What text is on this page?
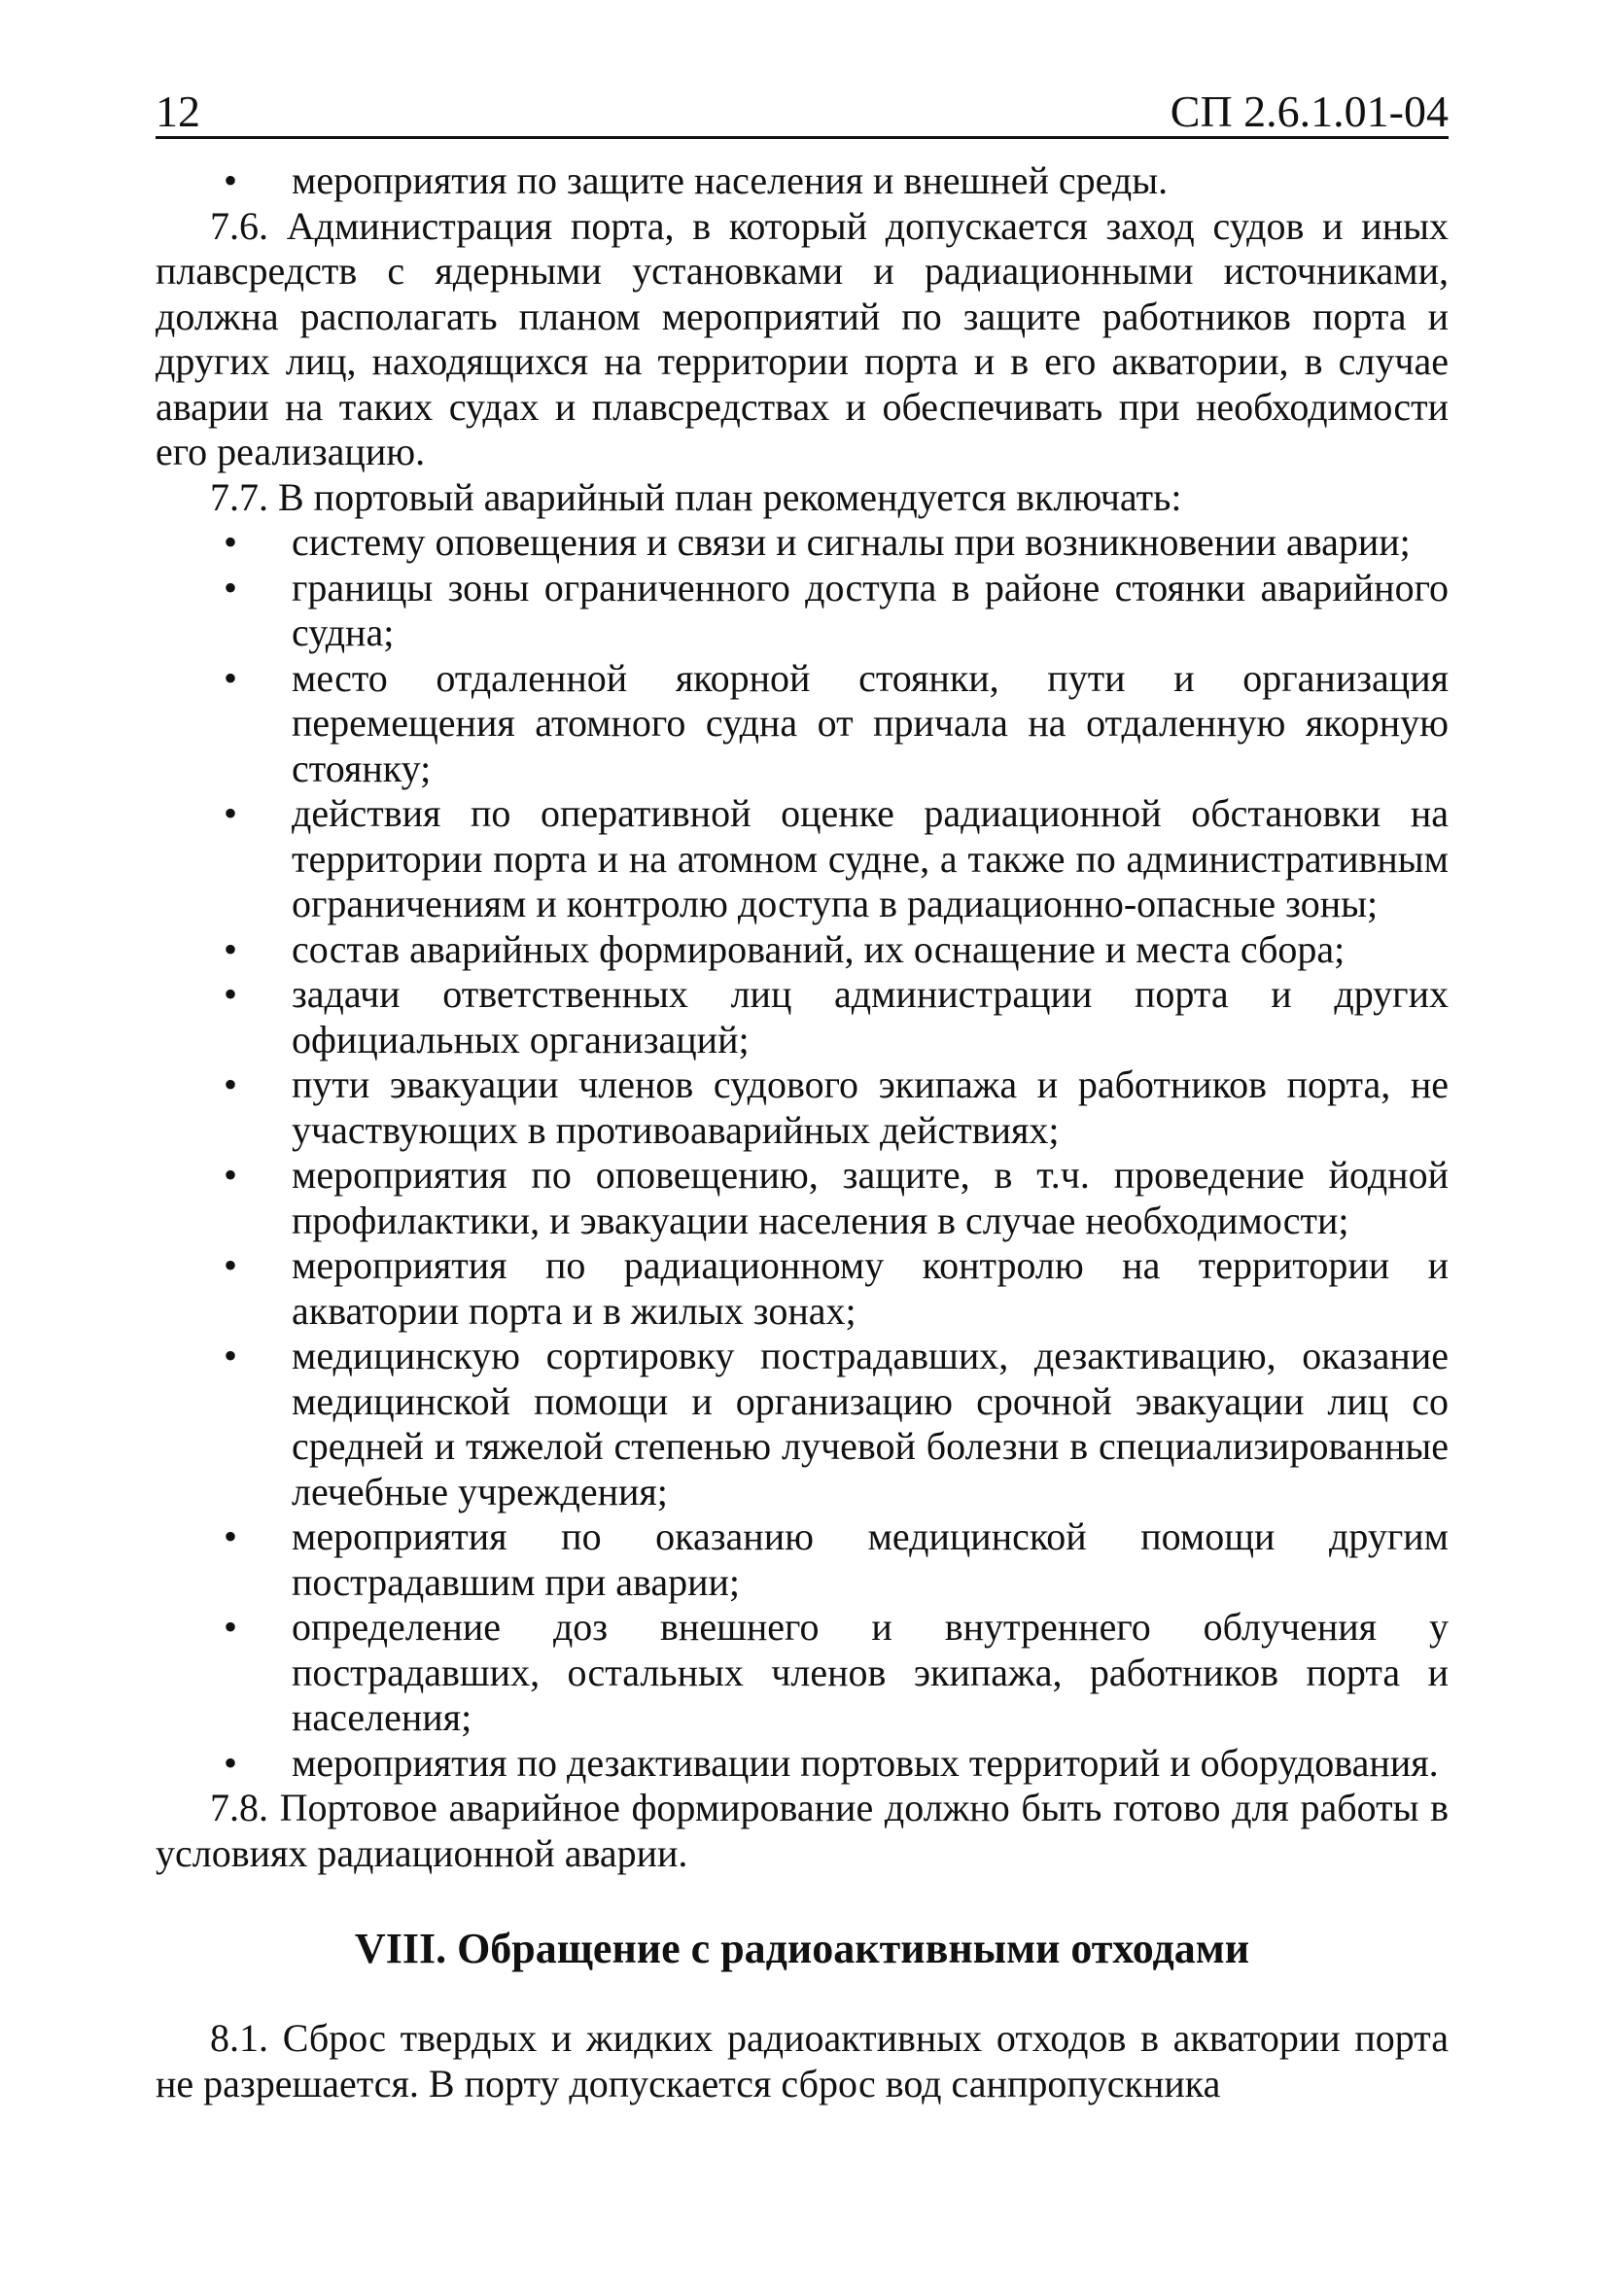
12	СП 2.6.1.01-04
• мероприятия по защите населения и внешней среды.

7.6. Администрация порта, в который допускается заход судов и иных плавсредств с ядерными установками и радиационными источниками, должна располагать планом мероприятий по защите работников порта и других лиц, находящихся на территории порта и в его акватории, в случае аварии на таких судах и плавсредствах и обеспечивать при необходимости его реализацию.

7.7. В портовый аварийный план рекомендуется включать:

• систему оповещения и связи и сигналы при возникновении аварии;
• границы зоны ограниченного доступа в районе стоянки аварийного судна;
• место отдаленной якорной стоянки, пути и организация перемещения атомного судна от причала на отдаленную якорную стоянку;
• действия по оперативной оценке радиационной обстановки на территории порта и на атомном судне, а также по административным ограничениям и контролю доступа в радиационно-опасные зоны;
• состав аварийных формирований, их оснащение и места сбора;
• задачи ответственных лиц администрации порта и других официальных организаций;
• пути эвакуации членов судового экипажа и работников порта, не участвующих в противоаварийных действиях;
• мероприятия по оповещению, защите, в т.ч. проведение йодной профилактики, и эвакуации населения в случае необходимости;
• мероприятия по радиационному контролю на территории и акватории порта и в жилых зонах;
• медицинскую сортировку пострадавших, дезактивацию, оказание медицинской помощи и организацию срочной эвакуации лиц со средней и тяжелой степенью лучевой болезни в специализированные лечебные учреждения;
• мероприятия по оказанию медицинской помощи другим пострадавшим при аварии;
• определение доз внешнего и внутреннего облучения у пострадавших, остальных членов экипажа, работников порта и населения;
• мероприятия по дезактивации портовых территорий и оборудования.

7.8. Портовое аварийное формирование должно быть готово для работы в условиях радиационной аварии.

VIII. Обращение с радиоактивными отходами

8.1. Сброс твердых и жидких радиоактивных отходов в акватории порта не разрешается. В порту допускается сброс вод санпропускника
